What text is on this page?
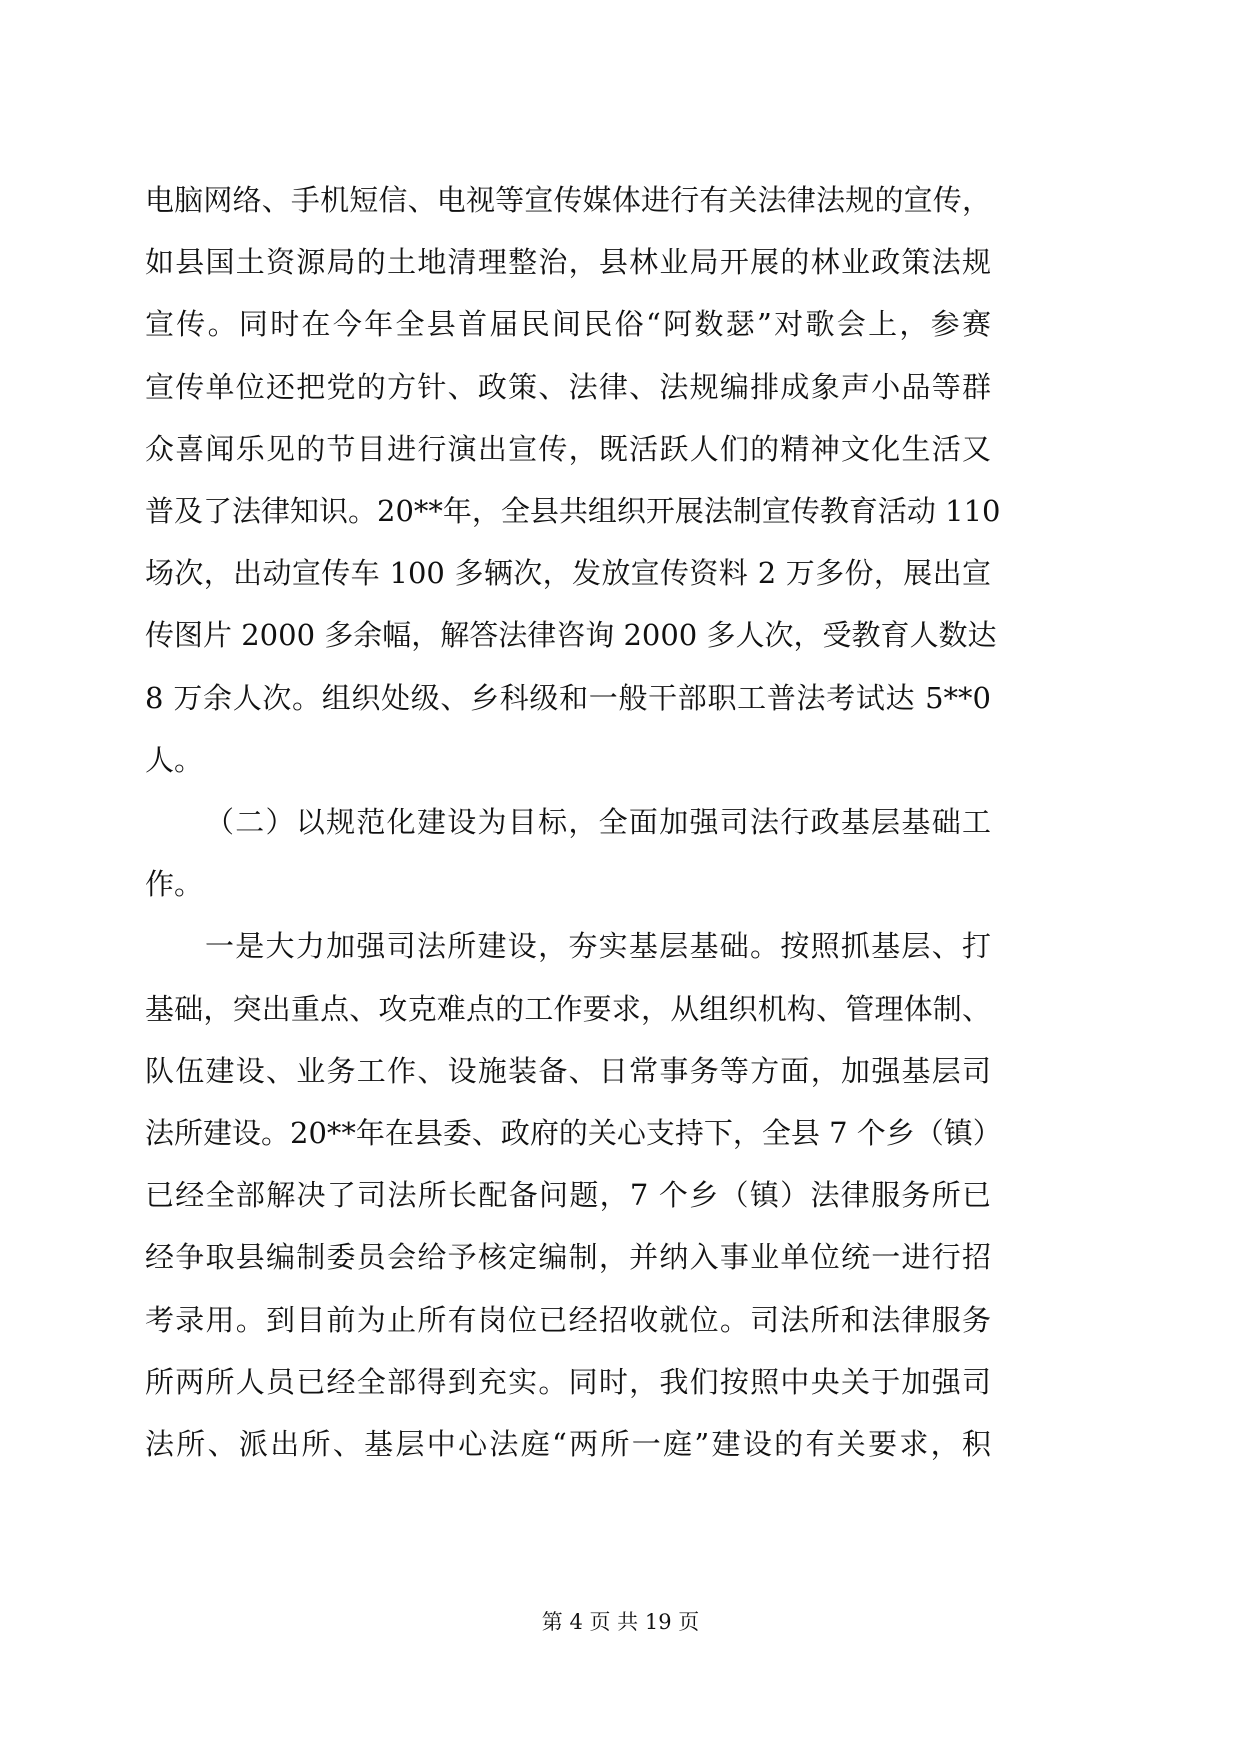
电脑网络、手机短信、电视等宣传媒体进行有关法律法规的宣传，
如县国土资源局的土地清理整治，县林业局开展的林业政策法规
宣传。同时在今年全县首届民间民俗“阿数瑟”对歌会上，参赛
宣传单位还把党的方针、政策、法律、法规编排成象声小品等群
众喜闻乐见的节目进行演出宣传，既活跃人们的精神文化生活又
普及了法律知识。20**年，全县共组织开展法制宣传教育活动 110
场次，出动宣传车 100 多辆次，发放宣传资料 2 万多份，展出宣
传图片 2000 多余幅，解答法律咨询 2000 多人次，受教育人数达
8 万余人次。组织处级、乡科级和一般干部职工普法考试达 5**0
人。
（二）以规范化建设为目标，全面加强司法行政基层基础工
作。
一是大力加强司法所建设，夯实基层基础。按照抓基层、打
基础，突出重点、攻克难点的工作要求，从组织机构、管理体制、
队伍建设、业务工作、设施装备、日常事务等方面，加强基层司
法所建设。20**年在县委、政府的关心支持下，全县 7 个乡（镇）
已经全部解决了司法所长配备问题，7 个乡（镇）法律服务所已
经争取县编制委员会给予核定编制，并纳入事业单位统一进行招
考录用。到目前为止所有岗位已经招收就位。司法所和法律服务
所两所人员已经全部得到充实。同时，我们按照中央关于加强司
法所、派出所、基层中心法庭“两所一庭”建设的有关要求，积
第 4 页 共 19 页
